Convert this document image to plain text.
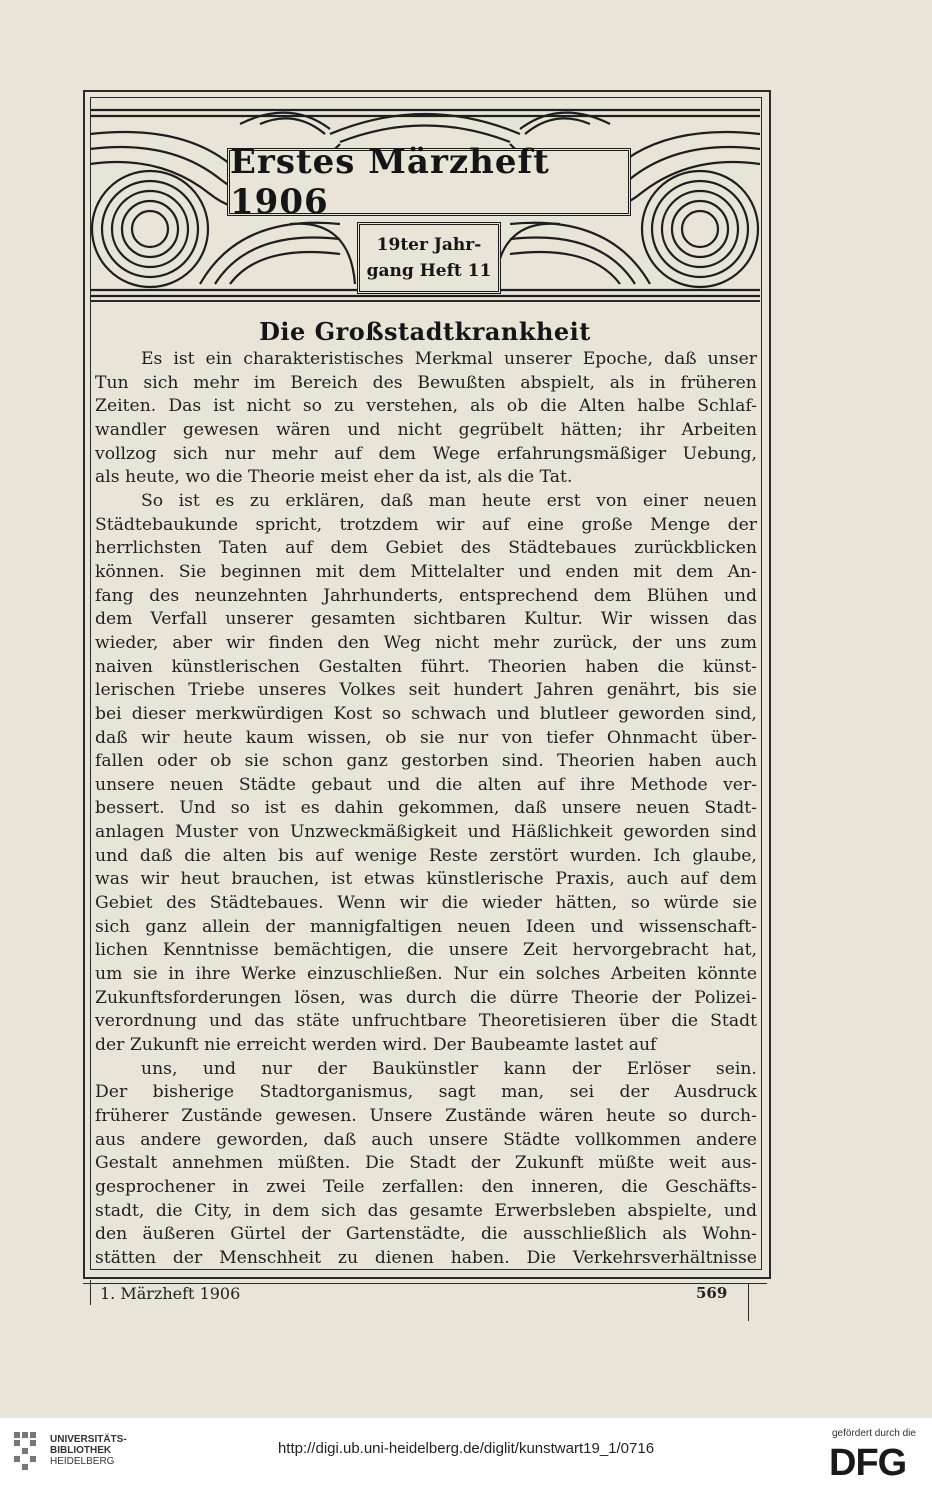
Erstes Märzheft 1906
19ter Jahr-
gang Heft 11
Die Großstadtkrankheit
Es ist ein charakteristisches Merkmal unserer Epoche, daß unser
Tun sich mehr im Bereich des Bewußten abspielt, als in früheren
Zeiten. Das ist nicht so zu verstehen, als ob die Alten halbe Schlaf-
wandler gewesen wären und nicht gegrübelt hätten; ihr Arbeiten
vollzog sich nur mehr auf dem Wege erfahrungsmäßiger Uebung,
als heute, wo die Theorie meist eher da ist, als die Tat.
So ist es zu erklären, daß man heute erst von einer neuen
Städtebaukunde spricht, trotzdem wir auf eine große Menge der
herrlichsten Taten auf dem Gebiet des Städtebaues zurückblicken
können. Sie beginnen mit dem Mittelalter und enden mit dem An-
fang des neunzehnten Jahrhunderts, entsprechend dem Blühen und
dem Verfall unserer gesamten sichtbaren Kultur. Wir wissen das
wieder, aber wir finden den Weg nicht mehr zurück, der uns zum
naiven künstlerischen Gestalten führt. Theorien haben die künst-
lerischen Triebe unseres Volkes seit hundert Jahren genährt, bis sie
bei dieser merkwürdigen Kost so schwach und blutleer geworden sind,
daß wir heute kaum wissen, ob sie nur von tiefer Ohnmacht über-
fallen oder ob sie schon ganz gestorben sind. Theorien haben auch
unsere neuen Städte gebaut und die alten auf ihre Methode ver-
bessert. Und so ist es dahin gekommen, daß unsere neuen Stadt-
anlagen Muster von Unzweckmäßigkeit und Häßlichkeit geworden sind
und daß die alten bis auf wenige Reste zerstört wurden. Ich glaube,
was wir heut brauchen, ist etwas künstlerische Praxis, auch auf dem
Gebiet des Städtebaues. Wenn wir die wieder hätten, so würde sie
sich ganz allein der mannigfaltigen neuen Ideen und wissenschaft-
lichen Kenntnisse bemächtigen, die unsere Zeit hervorgebracht hat,
um sie in ihre Werke einzuschließen. Nur ein solches Arbeiten könnte
Zukunftsforderungen lösen, was durch die dürre Theorie der Polizei-
verordnung und das stäte unfruchtbare Theoretisieren über die Stadt
der Zukunft nie erreicht werden wird. Der Baubeamte lastet auf
uns, und nur der Baukünstler kann der Erlöser sein.
Der bisherige Stadtorganismus, sagt man, sei der Ausdruck
früherer Zustände gewesen. Unsere Zustände wären heute so durch-
aus andere geworden, daß auch unsere Städte vollkommen andere
Gestalt annehmen müßten. Die Stadt der Zukunft müßte weit aus-
gesprochener in zwei Teile zerfallen: den inneren, die Geschäfts-
stadt, die City, in dem sich das gesamte Erwerbsleben abspielte, und
den äußeren Gürtel der Gartenstädte, die ausschließlich als Wohn-
stätten der Menschheit zu dienen haben. Die Verkehrsverhältnisse
1. Märzheft 1906	569
UNIVERSITÄTS-
BIBLIOTHEK
HEIDELBERG
http://digi.ub.uni-heidelberg.de/diglit/kunstwart19_1/0716
gefördert durch die
DFG
